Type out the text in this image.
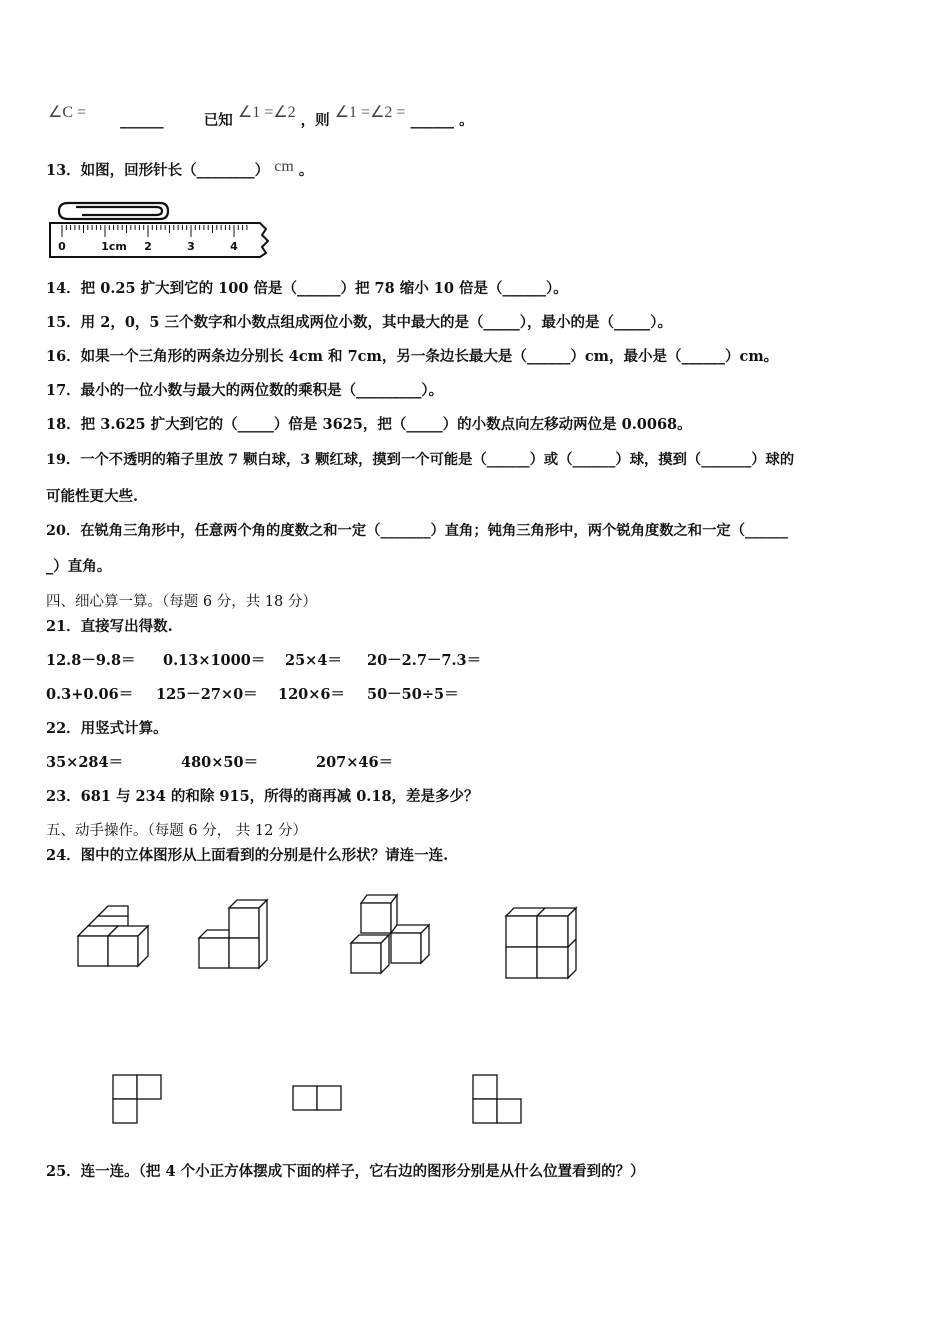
∠C = ______	已知 ∠1 =∠2 ，则 ∠1 =∠2 = ______ 。
13．如图，回形针长（________） cm 。
0	1cm 2	3	4
14．把 0.25 扩大到它的 100 倍是（______）把 78 缩小 10 倍是（______）。
15．用 2，0，5 三个数字和小数点组成两位小数，其中最大的是（_____），最小的是（_____）。
16．如果一个三角形的两条边分别长 4cm 和 7cm，另一条边长最大是（______）cm，最小是（______）cm。
17．最小的一位小数与最大的两位数的乘积是（_________）。
18．把 3.625 扩大到它的（_____）倍是 3625，把（_____）的小数点向左移动两位是 0.0068。
19．一个不透明的箱子里放 7 颗白球，3 颗红球，摸到一个可能是（______）或（______）球，摸到（_______）球的
可能性更大些.
20．在锐角三角形中，任意两个角的度数之和一定（_______）直角；钝角三角形中，两个锐角度数之和一定（______
_）直角。
四、细心算一算。（每题 6 分，共 18 分）
21．直接写出得数.
12.8－9.8＝ 0.13×1000＝ 25×4＝ 20－2.7－7.3＝
0.3+0.06＝ 125－27×0＝ 120×6＝ 50－50÷5＝
22．用竖式计算。
35×284＝	480×50＝	207×46＝
23．681 与 234 的和除 915，所得的商再减 0.18，差是多少？
五、动手操作。（每题 6 分， 共 12 分）
24．图中的立体图形从上面看到的分别是什么形状？请连一连.
25．连一连。（把 4 个小正方体摆成下面的样子，它右边的图形分别是从什么位置看到的？）
